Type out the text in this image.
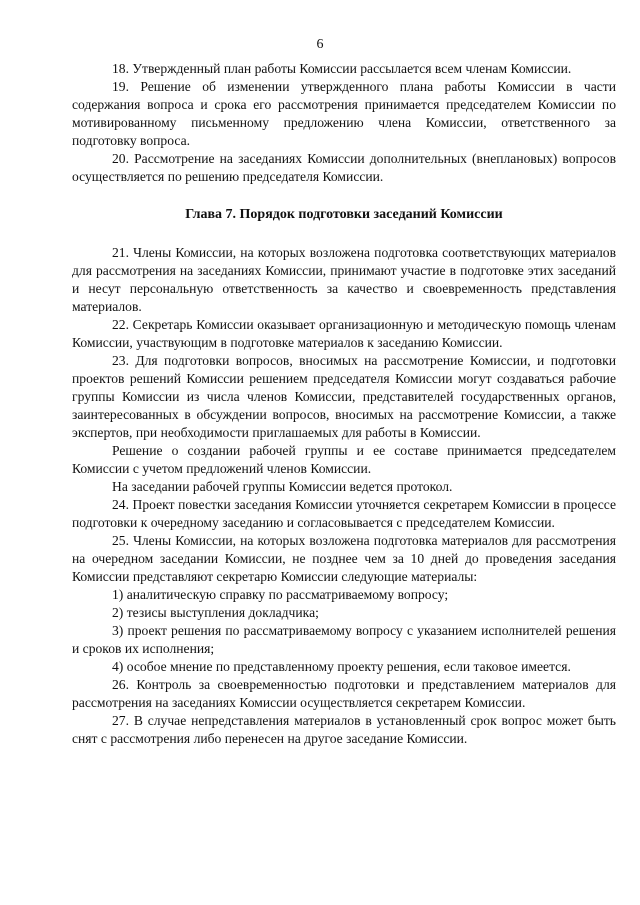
6

18. Утвержденный план работы Комиссии рассылается всем членам Комиссии.

19. Решение об изменении утвержденного плана работы Комиссии в части содержания вопроса и срока его рассмотрения принимается председателем Комиссии по мотивированному письменному предложению члена Комиссии, ответственного за подготовку вопроса.

20. Рассмотрение на заседаниях Комиссии дополнительных (внеплановых) вопросов осуществляется по решению председателя Комиссии.

Глава 7. Порядок подготовки заседаний Комиссии

21. Члены Комиссии, на которых возложена подготовка соответствующих материалов для рассмотрения на заседаниях Комиссии, принимают участие в подготовке этих заседаний и несут персональную ответственность за качество и своевременность представления материалов.

22. Секретарь Комиссии оказывает организационную и методическую помощь членам Комиссии, участвующим в подготовке материалов к заседанию Комиссии.

23. Для подготовки вопросов, вносимых на рассмотрение Комиссии, и подготовки проектов решений Комиссии решением председателя Комиссии могут создаваться рабочие группы Комиссии из числа членов Комиссии, представителей государственных органов, заинтересованных в обсуждении вопросов, вносимых на рассмотрение Комиссии, а также экспертов, при необходимости приглашаемых для работы в Комиссии.

Решение о создании рабочей группы и ее составе принимается председателем Комиссии с учетом предложений членов Комиссии.

На заседании рабочей группы Комиссии ведется протокол.

24. Проект повестки заседания Комиссии уточняется секретарем Комиссии в процессе подготовки к очередному заседанию и согласовывается с председателем Комиссии.

25. Члены Комиссии, на которых возложена подготовка материалов для рассмотрения на очередном заседании Комиссии, не позднее чем за 10 дней до проведения заседания Комиссии представляют секретарю Комиссии следующие материалы:

1) аналитическую справку по рассматриваемому вопросу;

2) тезисы выступления докладчика;

3) проект решения по рассматриваемому вопросу с указанием исполнителей решения и сроков их исполнения;

4) особое мнение по представленному проекту решения, если таковое имеется.

26. Контроль за своевременностью подготовки и представлением материалов для рассмотрения на заседаниях Комиссии осуществляется секретарем Комиссии.

27. В случае непредставления материалов в установленный срок вопрос может быть снят с рассмотрения либо перенесен на другое заседание Комиссии.
